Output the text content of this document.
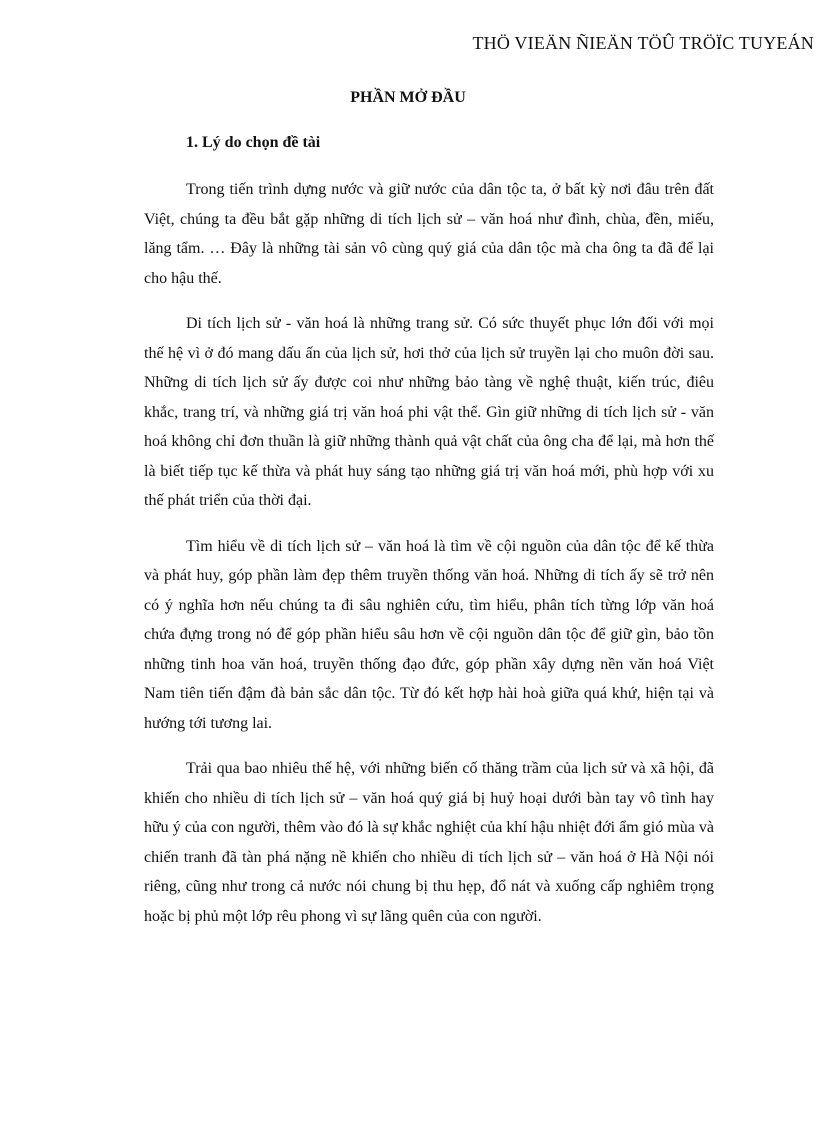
THÖ VIEÄN ÑIEÄN TÖÛ TRÖÏC TUYEÁN
PHẦN MỞ ĐẦU
1. Lý do chọn đề tài

Trong tiến trình dựng nước và giữ nước của dân tộc ta, ở bất kỳ nơi đâu trên đất Việt, chúng ta đều bắt gặp những di tích lịch sử – văn hoá như đình, chùa, đền, miếu, lăng tẩm. … Đây là những tài sản vô cùng quý giá của dân tộc mà cha ông ta đã để lại cho hậu thế.

Di tích lịch sử - văn hoá là những trang sử. Có sức thuyết phục lớn đối với mọi thế hệ vì ở đó mang dấu ấn của lịch sử, hơi thở của lịch sử truyền lại cho muôn đời sau. Những di tích lịch sử ấy được coi như những bảo tàng về nghệ thuật, kiến trúc, điêu khắc, trang trí, và những giá trị văn hoá phi vật thể. Gìn giữ những di tích lịch sử - văn hoá không chỉ đơn thuần là giữ những thành quả vật chất của ông cha để lại, mà hơn thế là biết tiếp tục kế thừa và phát huy sáng tạo những giá trị văn hoá mới, phù hợp với xu thế phát triển của thời đại.

Tìm hiểu về di tích lịch sử – văn hoá là tìm về cội nguồn của dân tộc để kế thừa và phát huy, góp phần làm đẹp thêm truyền thống văn hoá. Những di tích ấy sẽ trở nên có ý nghĩa hơn nếu chúng ta đi sâu nghiên cứu, tìm hiểu, phân tích từng lớp văn hoá chứa đựng trong nó để góp phần hiểu sâu hơn về cội nguồn dân tộc để giữ gìn, bảo tồn những tinh hoa văn hoá, truyền thống đạo đức, góp phần xây dựng nền văn hoá Việt Nam tiên tiến đậm đà bản sắc dân tộc. Từ đó kết hợp hài hoà giữa quá khứ, hiện tại và hướng tới tương lai.

Trải qua bao nhiêu thế hệ, với những biến cố thăng trầm của lịch sử và xã hội, đã khiến cho nhiều di tích lịch sử – văn hoá quý giá bị huỷ hoại dưới bàn tay vô tình hay hữu ý của con người, thêm vào đó là sự khắc nghiệt của khí hậu nhiệt đới ẩm gió mùa và chiến tranh đã tàn phá nặng nề khiến cho nhiều di tích lịch sử – văn hoá ở Hà Nội nói riêng, cũng như trong cả nước nói chung bị thu hẹp, đổ nát và xuống cấp nghiêm trọng hoặc bị phủ một lớp rêu phong vì sự lãng quên của con người.
